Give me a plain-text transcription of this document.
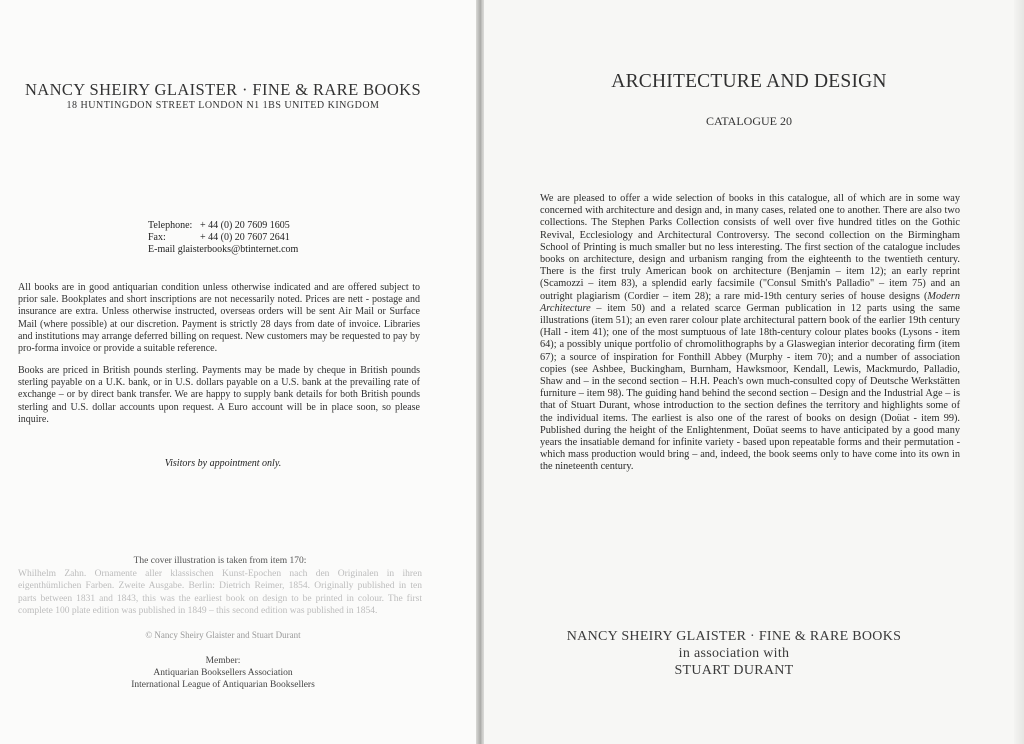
NANCY SHEIRY GLAISTER · FINE & RARE BOOKS
18 HUNTINGDON STREET LONDON N1 1BS UNITED KINGDOM
Telephone: + 44 (0) 20 7609 1605
Fax:	+ 44 (0) 20 7607 2641
E-mail glaisterbooks@btinternet.com
All books are in good antiquarian condition unless otherwise indicated and are offered subject to prior sale. Bookplates and short inscriptions are not necessarily noted. Prices are nett - postage and insurance are extra. Unless otherwise instructed, overseas orders will be sent Air Mail or Surface Mail (where possible) at our discretion. Payment is strictly 28 days from date of invoice. Libraries and institutions may arrange deferred billing on request. New customers may be requested to pay by pro-forma invoice or provide a suitable reference.
Books are priced in British pounds sterling. Payments may be made by cheque in British pounds sterling payable on a U.K. bank, or in U.S. dollars payable on a U.S. bank at the prevailing rate of exchange – or by direct bank transfer. We are happy to supply bank details for both British pounds sterling and U.S. dollar accounts upon request. A Euro account will be in place soon, so please inquire.
Visitors by appointment only.
The cover illustration is taken from item 170:
Whilhelm Zahn. Ornamente aller klassischen Kunst-Epochen nach den Originalen in ihren eigenthümlichen Farben. Zweite Ausgabe. Berlin: Dietrich Reimer, 1854. Originally published in ten parts between 1831 and 1843, this was the earliest book on design to be printed in colour. The first complete 100 plate edition was published in 1849 – this second edition was published in 1854.
© Nancy Sheiry Glaister and Stuart Durant
Member:
Antiquarian Booksellers Association
International League of Antiquarian Booksellers
ARCHITECTURE AND DESIGN
CATALOGUE 20
We are pleased to offer a wide selection of books in this catalogue, all of which are in some way concerned with architecture and design and, in many cases, related one to another. There are also two collections. The Stephen Parks Collection consists of well over five hundred titles on the Gothic Revival, Ecclesiology and Architectural Controversy. The second collection on the Birmingham School of Printing is much smaller but no less interesting. The first section of the catalogue includes books on architecture, design and urbanism ranging from the eighteenth to the twentieth century. There is the first truly American book on architecture (Benjamin – item 12); an early reprint (Scamozzi – item 83), a splendid early facsimile ("Consul Smith's Palladio" – item 75) and an outright plagiarism (Cordier – item 28); a rare mid-19th century series of house designs (Modern Architecture – item 50) and a related scarce German publication in 12 parts using the same illustrations (item 51); an even rarer colour plate architectural pattern book of the earlier 19th century (Hall - item 41); one of the most sumptuous of late 18th-century colour plates books (Lysons - item 64); a possibly unique portfolio of chromolithographs by a Glaswegian interior decorating firm (item 67); a source of inspiration for Fonthill Abbey (Murphy - item 70); and a number of association copies (see Ashbee, Buckingham, Burnham, Hawksmoor, Kendall, Lewis, Mackmurdo, Palladio, Shaw and – in the second section – H.H. Peach's own much-consulted copy of Deutsche Werkstätten furniture – item 98). The guiding hand behind the second section – Design and the Industrial Age – is that of Stuart Durant, whose introduction to the section defines the territory and highlights some of the individual items. The earliest is also one of the rarest of books on design (Doüat - item 99). Published during the height of the Enlightenment, Doüat seems to have anticipated by a good many years the insatiable demand for infinite variety - based upon repeatable forms and their permutation - which mass production would bring – and, indeed, the book seems only to have come into its own in the nineteenth century.
NANCY SHEIRY GLAISTER · FINE & RARE BOOKS
in association with
STUART DURANT
